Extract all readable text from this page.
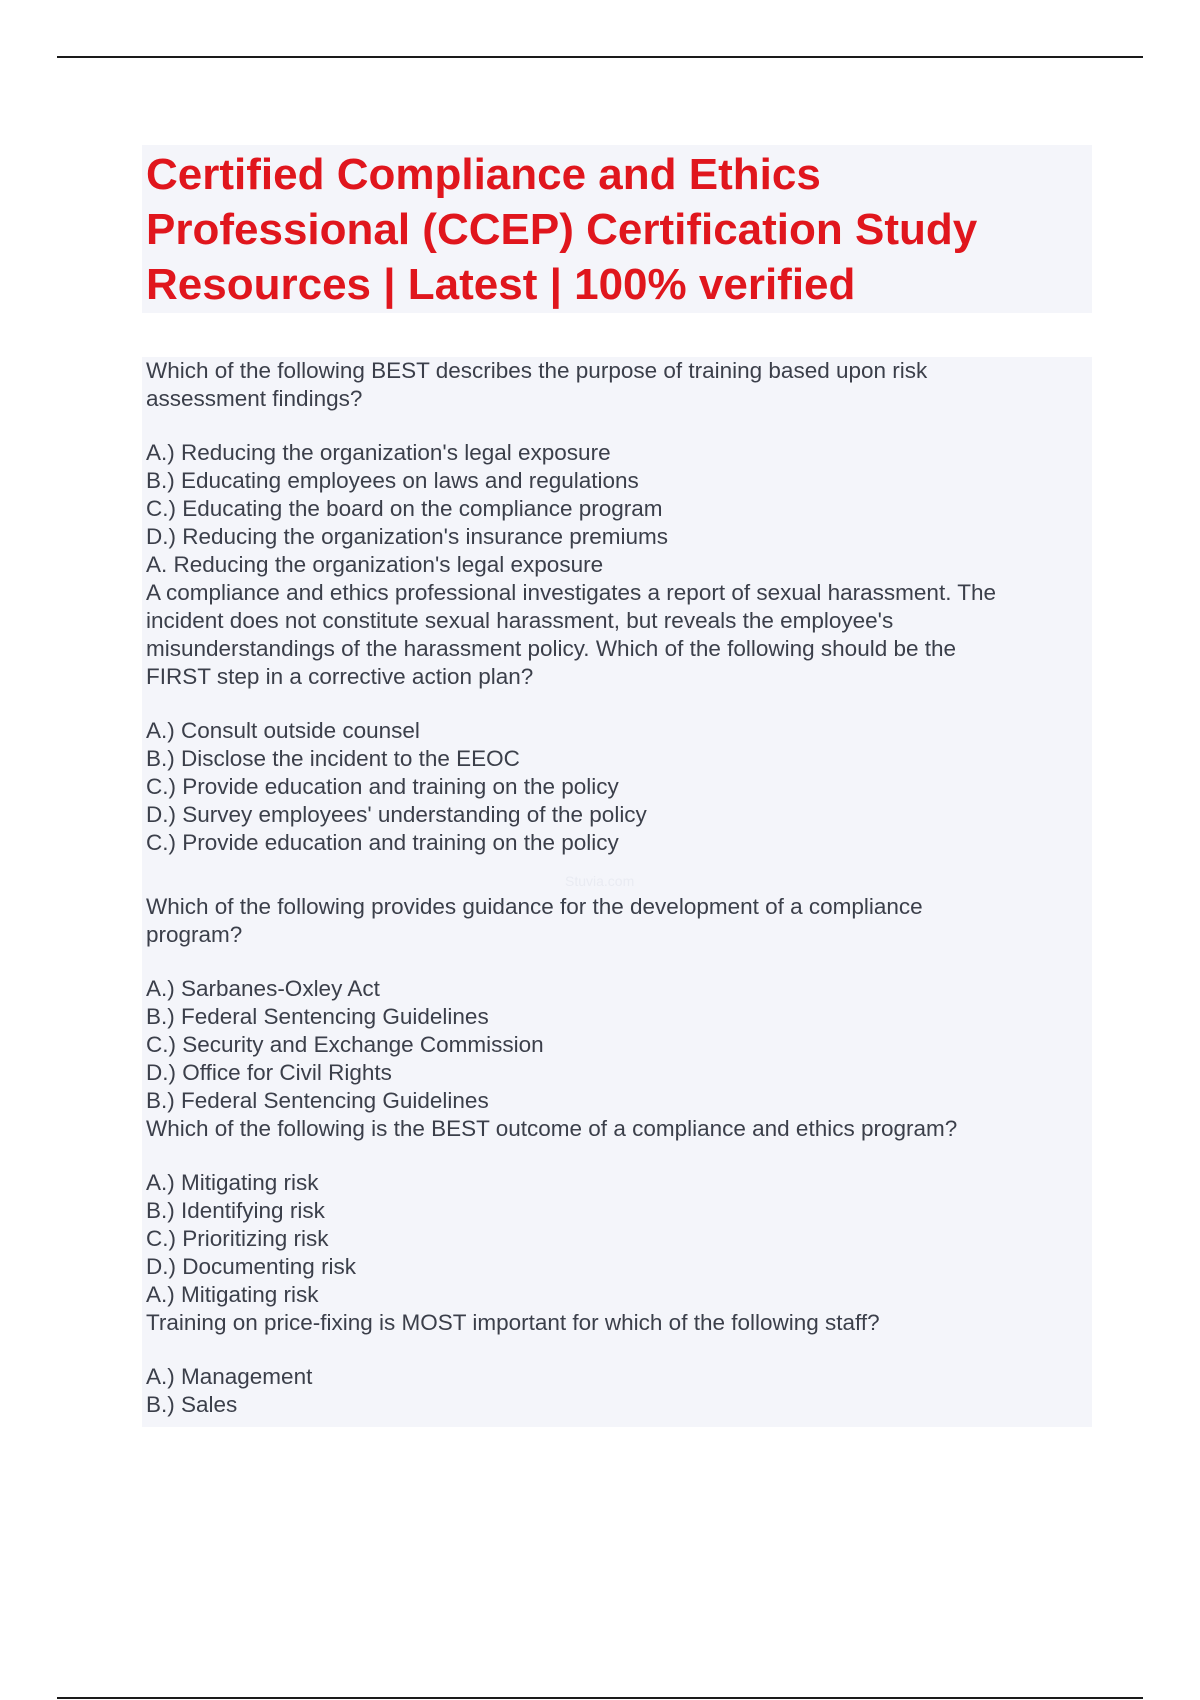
Certified Compliance and Ethics
Professional (CCEP) Certification Study
Resources | Latest | 100% verified
Which of the following BEST describes the purpose of training based upon risk
assessment findings?
A.) Reducing the organization's legal exposure
B.) Educating employees on laws and regulations
C.) Educating the board on the compliance program
D.) Reducing the organization's insurance premiums
A. Reducing the organization's legal exposure
A compliance and ethics professional investigates a report of sexual harassment. The
incident does not constitute sexual harassment, but reveals the employee's
misunderstandings of the harassment policy. Which of the following should be the
FIRST step in a corrective action plan?
A.) Consult outside counsel
B.) Disclose the incident to the EEOC
C.) Provide education and training on the policy
D.) Survey employees' understanding of the policy
C.) Provide education and training on the policy
Which of the following provides guidance for the development of a compliance
program?
A.) Sarbanes-Oxley Act
B.) Federal Sentencing Guidelines
C.) Security and Exchange Commission
D.) Office for Civil Rights
B.) Federal Sentencing Guidelines
Which of the following is the BEST outcome of a compliance and ethics program?
A.) Mitigating risk
B.) Identifying risk
C.) Prioritizing risk
D.) Documenting risk
A.) Mitigating risk
Training on price-fixing is MOST important for which of the following staff?
A.) Management
B.) Sales
Stuvia.com
